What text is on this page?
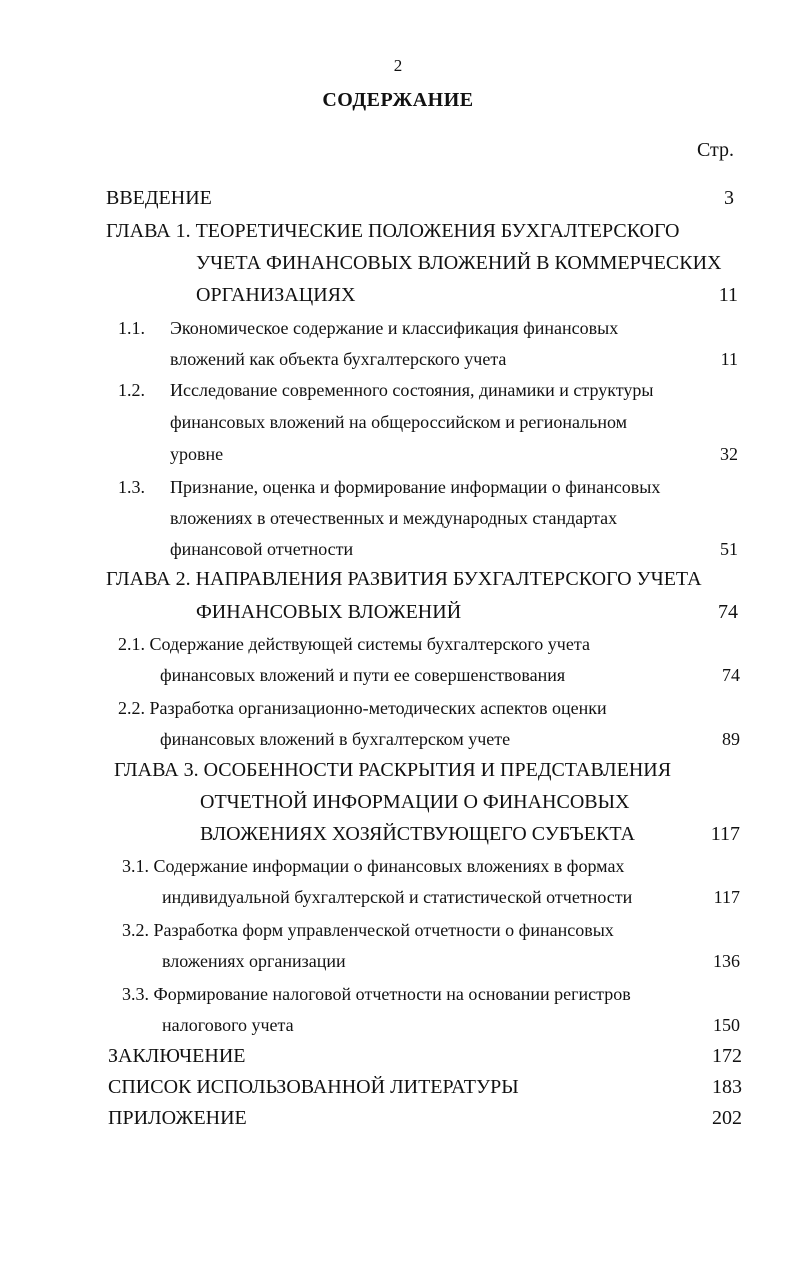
2
СОДЕРЖАНИЕ
Стр.
ВВЕДЕНИЕ	3
ГЛАВА 1. ТЕОРЕТИЧЕСКИЕ ПОЛОЖЕНИЯ БУХГАЛТЕРСКОГО
УЧЕТА ФИНАНСОВЫХ ВЛОЖЕНИЙ В КОММЕРЧЕСКИХ
ОРГАНИЗАЦИЯХ	11
1.1. Экономическое содержание и классификация финансовых
вложений как объекта бухгалтерского учета	11
1.2. Исследование современного состояния, динамики и структуры
финансовых вложений на общероссийском и региональном
уровне	32
1.3. Признание, оценка и формирование информации о финансовых
вложениях в отечественных и международных стандартах
финансовой отчетности	51
ГЛАВА 2. НАПРАВЛЕНИЯ РАЗВИТИЯ БУХГАЛТЕРСКОГО УЧЕТА
ФИНАНСОВЫХ ВЛОЖЕНИЙ	74
2.1. Содержание действующей системы бухгалтерского учета
финансовых вложений и пути ее совершенствования	74
2.2. Разработка организационно-методических аспектов оценки
финансовых вложений в бухгалтерском учете	89
ГЛАВА 3. ОСОБЕННОСТИ РАСКРЫТИЯ И ПРЕДСТАВЛЕНИЯ
ОТЧЕТНОЙ ИНФОРМАЦИИ О ФИНАНСОВЫХ
ВЛОЖЕНИЯХ ХОЗЯЙСТВУЮЩЕГО СУБЪЕКТА	117
3.1. Содержание информации о финансовых вложениях в формах
индивидуальной бухгалтерской и статистической отчетности	117
3.2. Разработка форм управленческой отчетности о финансовых
вложениях организации	136
3.3. Формирование налоговой отчетности на основании регистров
налогового учета	150
ЗАКЛЮЧЕНИЕ	172
СПИСОК ИСПОЛЬЗОВАННОЙ ЛИТЕРАТУРЫ	183
ПРИЛОЖЕНИЕ	202
